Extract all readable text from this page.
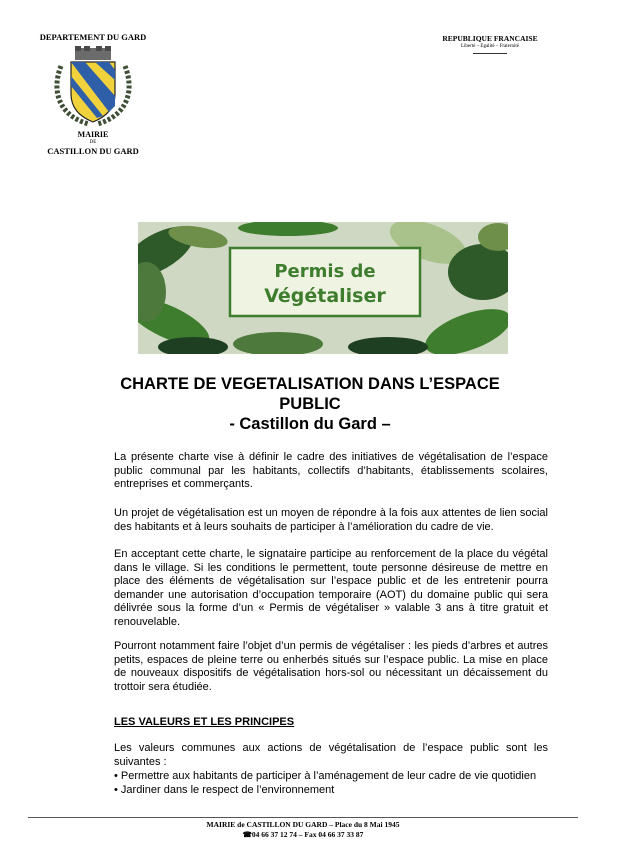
DEPARTEMENT DU GARD
MAIRIE
DE
CASTILLON DU GARD
REPUBLIQUE FRANCAISE
Liberté – Egalité – Fraternité
Permis de
Végétaliser
CHARTE DE VEGETALISATION DANS L’ESPACE
PUBLIC
- Castillon du Gard –
La présente charte vise à définir le cadre des initiatives de végétalisation de l’espace public communal par les habitants, collectifs d’habitants, établissements scolaires, entreprises et commerçants.
Un projet de végétalisation est un moyen de répondre à la fois aux attentes de lien social des habitants et à leurs souhaits de participer à l’amélioration du cadre de vie.
En acceptant cette charte, le signataire participe au renforcement de la place du végétal dans le village. Si les conditions le permettent, toute personne désireuse de mettre en place des éléments de végétalisation sur l’espace public et de les entretenir pourra demander une autorisation d’occupation temporaire (AOT) du domaine public qui sera délivrée sous la forme d’un « Permis de végétaliser » valable 3 ans à titre gratuit et renouvelable.
Pourront notamment faire l’objet d’un permis de végétaliser : les pieds d’arbres et autres petits, espaces de pleine terre ou enherbés situés sur l’espace public. La mise en place de nouveaux dispositifs de végétalisation hors-sol ou nécessitant un décaissement du trottoir sera étudiée.
LES VALEURS ET LES PRINCIPES
Les valeurs communes aux actions de végétalisation de l’espace public sont les suivantes :
• Permettre aux habitants de participer à l’aménagement de leur cadre de vie quotidien
• Jardiner dans le respect de l’environnement
MAIRIE de CASTILLON DU GARD – Place du 8 Mai 1945
☎04 66 37 12 74 – Fax 04 66 37 33 87
